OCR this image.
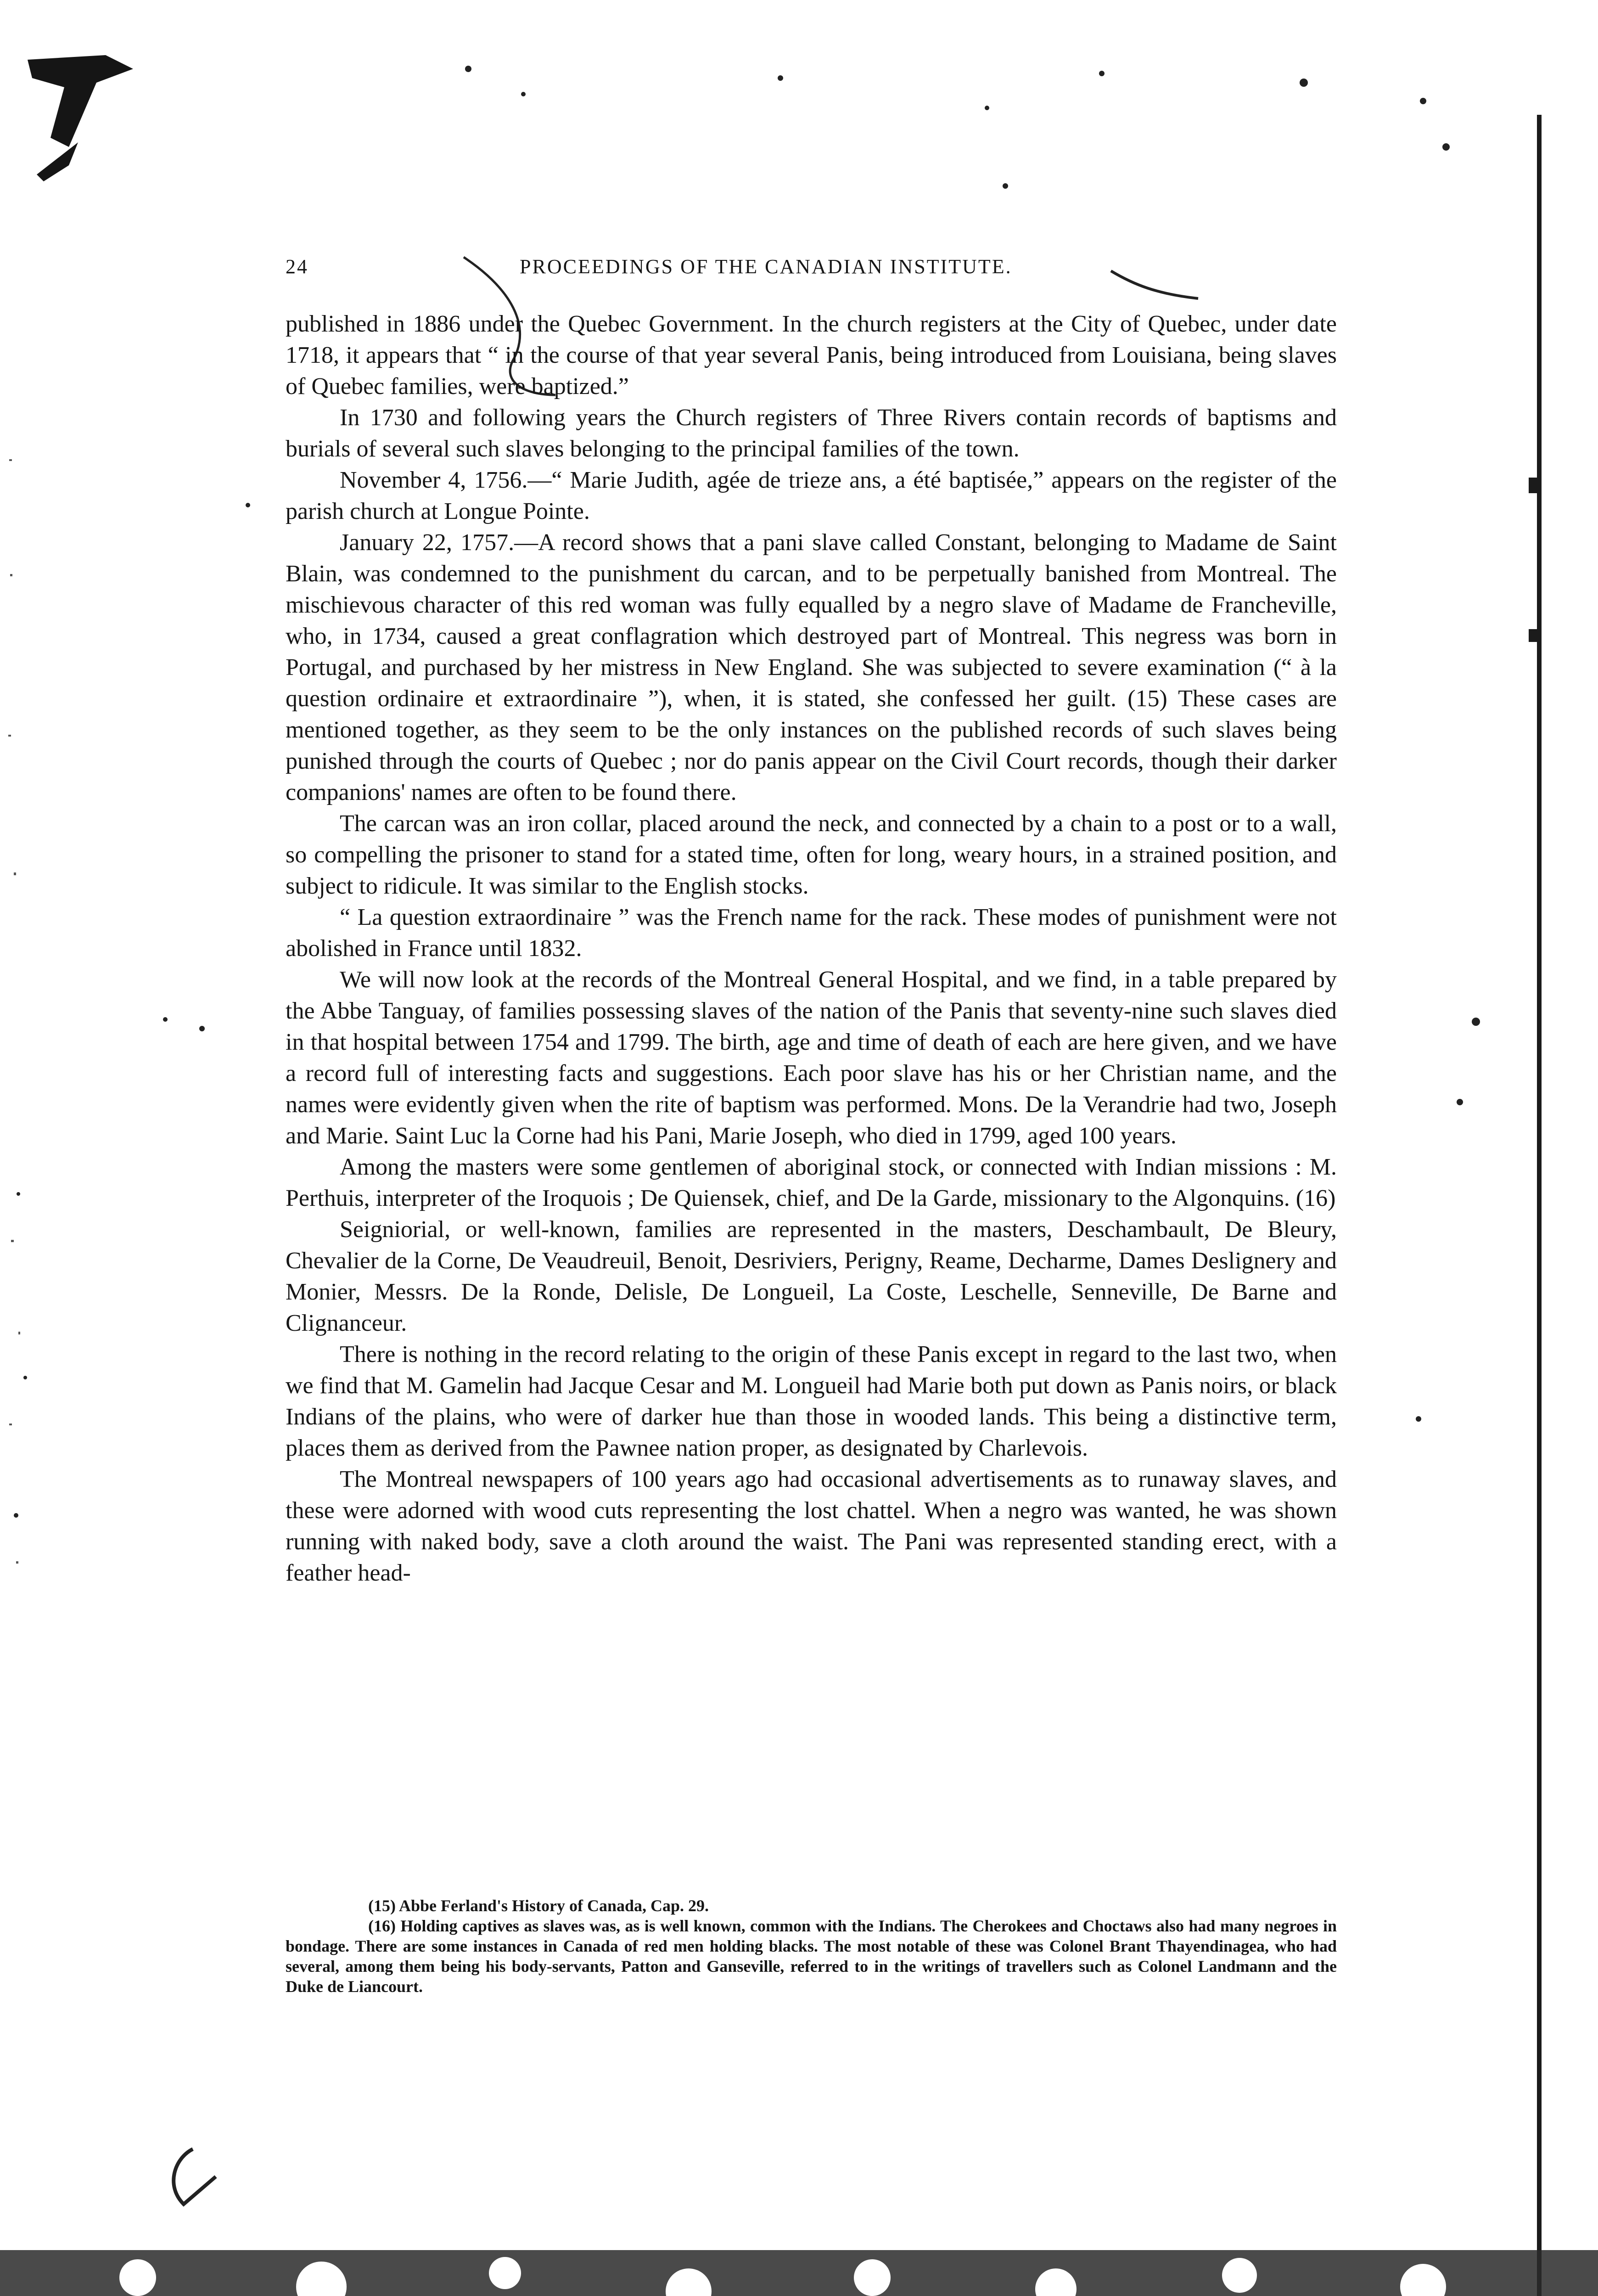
24	PROCEEDINGS OF THE CANADIAN INSTITUTE.

published in 1886 under the Quebec Government. In the church registers at the City of Quebec, under date 1718, it appears that “ in the course of that year several Panis, being introduced from Louisiana, being slaves of Quebec families, were baptized.”

In 1730 and following years the Church registers of Three Rivers contain records of baptisms and burials of several such slaves belonging to the principal families of the town.

November 4, 1756.—“ Marie Judith, agée de trieze ans, a été baptisée,” appears on the register of the parish church at Longue Pointe.

January 22, 1757.—A record shows that a pani slave called Constant, belonging to Madame de Saint Blain, was condemned to the punishment du carcan, and to be perpetually banished from Montreal. The mischievous character of this red woman was fully equalled by a negro slave of Madame de Francheville, who, in 1734, caused a great conflagration which destroyed part of Montreal. This negress was born in Portugal, and purchased by her mistress in New England. She was subjected to severe examination (“ à la question ordinaire et extraordinaire ”), when, it is stated, she confessed her guilt. (15) These cases are mentioned together, as they seem to be the only instances on the published records of such slaves being punished through the courts of Quebec ; nor do panis appear on the Civil Court records, though their darker companions' names are often to be found there.

The carcan was an iron collar, placed around the neck, and connected by a chain to a post or to a wall, so compelling the prisoner to stand for a stated time, often for long, weary hours, in a strained position, and subject to ridicule. It was similar to the English stocks.

“ La question extraordinaire ” was the French name for the rack. These modes of punishment were not abolished in France until 1832.

We will now look at the records of the Montreal General Hospital, and we find, in a table prepared by the Abbe Tanguay, of families possessing slaves of the nation of the Panis that seventy-nine such slaves died in that hospital between 1754 and 1799. The birth, age and time of death of each are here given, and we have a record full of interesting facts and suggestions. Each poor slave has his or her Christian name, and the names were evidently given when the rite of baptism was performed. Mons. De la Verandrie had two, Joseph and Marie. Saint Luc la Corne had his Pani, Marie Joseph, who died in 1799, aged 100 years.

Among the masters were some gentlemen of aboriginal stock, or connected with Indian missions : M. Perthuis, interpreter of the Iroquois ; De Quiensek, chief, and De la Garde, missionary to the Algonquins. (16)

Seigniorial, or well-known, families are represented in the masters, Deschambault, De Bleury, Chevalier de la Corne, De Veaudreuil, Benoit, Desriviers, Perigny, Reame, Decharme, Dames Deslignery and Monier, Messrs. De la Ronde, Delisle, De Longueil, La Coste, Leschelle, Senneville, De Barne and Clignanceur.

There is nothing in the record relating to the origin of these Panis except in regard to the last two, when we find that M. Gamelin had Jacque Cesar and M. Longueil had Marie both put down as Panis noirs, or black Indians of the plains, who were of darker hue than those in wooded lands. This being a distinctive term, places them as derived from the Pawnee nation proper, as designated by Charlevois.

The Montreal newspapers of 100 years ago had occasional advertisements as to runaway slaves, and these were adorned with wood cuts representing the lost chattel. When a negro was wanted, he was shown running with naked body, save a cloth around the waist. The Pani was represented standing erect, with a feather head-

(15) Abbe Ferland's History of Canada, Cap. 29.

(16) Holding captives as slaves was, as is well known, common with the Indians. The Cherokees and Choctaws also had many negroes in bondage. There are some instances in Canada of red men holding blacks. The most notable of these was Colonel Brant Thayendinagea, who had several, among them being his body-servants, Patton and Ganseville, referred to in the writings of travellers such as Colonel Landmann and the Duke de Liancourt.
